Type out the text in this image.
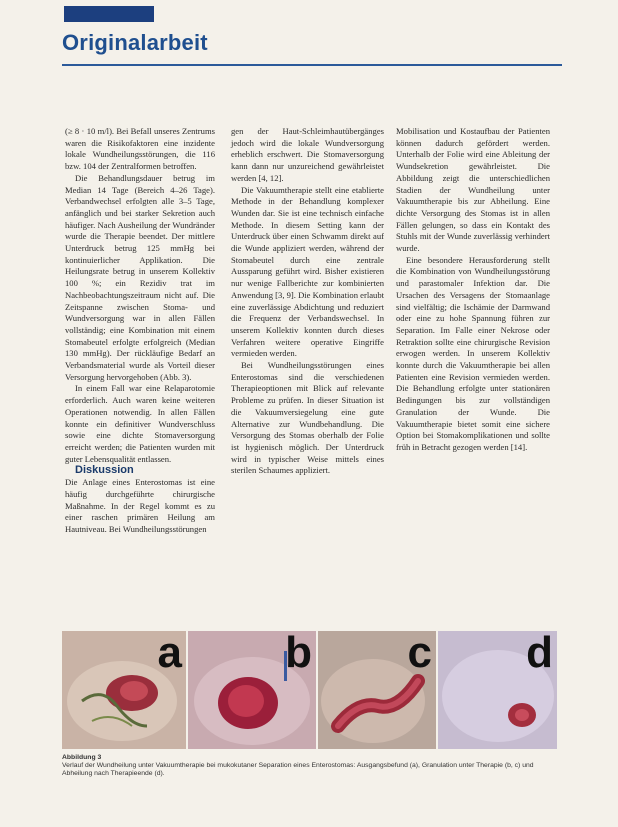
Originalarbeit

(≥ 8 · 10 m/l). Bei Befall unseres Zentrums waren die Risikofaktoren eine inzidente lokale Wundheilungsstörungen, die 116 bzw. 104 der Zentralformen betroffen.

Die Behandlungsdauer betrug im Median 14 Tage (Bereich 4–26 Tage). Verbandwechsel erfolgten alle 3–5 Tage, anfänglich und bei starker Sekretion auch häufiger. Nach Ausheilung der Wundränder wurde die Therapie beendet. Der mittlere Unterdruck betrug 125 mmHg bei kontinuierlicher Applikation. Die Heilungsrate betrug in unserem Kollektiv 100 %; ein Rezidiv trat im Nachbeobachtungszeitraum nicht auf. Die Zeitspanne zwischen Stoma- und Wundversorgung war in allen Fällen vollständig; eine Kombination mit einem Stomabeutel erfolgte erfolgreich (Median 130 mmHg). Der rückläufige Bedarf an Verbandsmaterial wurde als Vorteil dieser Versorgung hervorgehoben (Abb. 3).

In einem Fall war eine Relaparotomie erforderlich. Auch waren keine weiteren Operationen notwendig. In allen Fällen konnte ein definitiver Wundverschluss sowie eine dichte Stomaversorgung erreicht werden; die Patienten wurden mit guter Lebensqualität entlassen.

Diskussion

Die Anlage eines Enterostomas ist eine häufig durchgeführte chirurgische Maßnahme. In der Regel kommt es zu einer raschen primären Heilung am Hautniveau. Bei Wundheilungsstörungen

gen der Haut-Schleimhautübergänges jedoch wird die lokale Wundversorgung erheblich erschwert. Die Stomaversorgung kann dann nur unzureichend gewährleistet werden [4, 12].

Die Vakuumtherapie stellt eine etablierte Methode in der Behandlung komplexer Wunden dar. Sie ist eine technisch einfache Methode. In diesem Setting kann der Unterdruck über einen Schwamm direkt auf die Wunde appliziert werden, während der Stomabeutel durch eine zentrale Aussparung geführt wird. Bisher existieren nur wenige Fallberichte zur kombinierten Anwendung [3, 9]. Die Kombination erlaubt eine zuverlässige Abdichtung und reduziert die Frequenz der Verbandswechsel. In unserem Kollektiv konnten durch dieses Verfahren weitere operative Eingriffe vermieden werden.

Bei Wundheilungsstörungen eines Enterostomas sind die verschiedenen Therapieoptionen mit Blick auf relevante Probleme zu prüfen. In dieser Situation ist die Vakuumversiegelung eine gute Alternative zur Wundbehandlung. Die Versorgung des Stomas oberhalb der Folie ist hygienisch möglich. Der Unterdruck wird in typischer Weise mittels eines sterilen Schaumes appliziert.

Mobilisation und Kostaufbau der Patienten können dadurch gefördert werden. Unterhalb der Folie wird eine Ableitung der Wundsekretion gewährleistet. Die Abbildung zeigt die unterschiedlichen Stadien der Wundheilung unter Vakuumtherapie bis zur Abheilung. Eine dichte Versorgung des Stomas ist in allen Fällen gelungen, so dass ein Kontakt des Stuhls mit der Wunde zuverlässig verhindert wurde.

Eine besondere Herausforderung stellt die Kombination von Wundheilungsstörung und parastomaler Infektion dar. Die Ursachen des Versagens der Stomaanlage sind vielfältig; die Ischämie der Darmwand oder eine zu hohe Spannung führen zur Separation. Im Falle einer Nekrose oder Retraktion sollte eine chirurgische Revision erwogen werden. In unserem Kollektiv konnte durch die Vakuumtherapie bei allen Patienten eine Revision vermieden werden. Die Behandlung erfolgte unter stationären Bedingungen bis zur vollständigen Granulation der Wunde. Die Vakuumtherapie bietet somit eine sichere Option bei Stomakomplikationen und sollte früh in Betracht gezogen werden [14].

a b c d
Abbildung 3
Verlauf der Wundheilung unter Vakuumtherapie bei mukokutaner Separation eines Enterostomas: Ausgangsbefund (a), Granulation unter Therapie (b, c) und Abheilung nach Therapieende (d).
